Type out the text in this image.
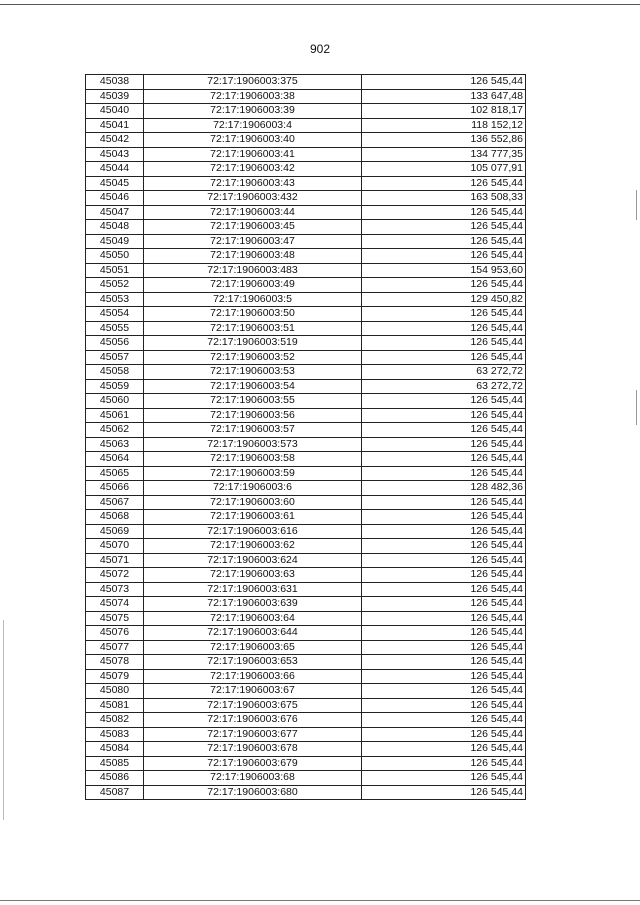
902
45038	72:17:1906003:375	126 545,44
45039	72:17:1906003:38	133 647,48
45040	72:17:1906003:39	102 818,17
45041	72:17:1906003:4	118 152,12
45042	72:17:1906003:40	136 552,86
45043	72:17:1906003:41	134 777,35
45044	72:17:1906003:42	105 077,91
45045	72:17:1906003:43	126 545,44
45046	72:17:1906003:432	163 508,33
45047	72:17:1906003:44	126 545,44
45048	72:17:1906003:45	126 545,44
45049	72:17:1906003:47	126 545,44
45050	72:17:1906003:48	126 545,44
45051	72:17:1906003:483	154 953,60
45052	72:17:1906003:49	126 545,44
45053	72:17:1906003:5	129 450,82
45054	72:17:1906003:50	126 545,44
45055	72:17:1906003:51	126 545,44
45056	72:17:1906003:519	126 545,44
45057	72:17:1906003:52	126 545,44
45058	72:17:1906003:53	63 272,72
45059	72:17:1906003:54	63 272,72
45060	72:17:1906003:55	126 545,44
45061	72:17:1906003:56	126 545,44
45062	72:17:1906003:57	126 545,44
45063	72:17:1906003:573	126 545,44
45064	72:17:1906003:58	126 545,44
45065	72:17:1906003:59	126 545,44
45066	72:17:1906003:6	128 482,36
45067	72:17:1906003:60	126 545,44
45068	72:17:1906003:61	126 545,44
45069	72:17:1906003:616	126 545,44
45070	72:17:1906003:62	126 545,44
45071	72:17:1906003:624	126 545,44
45072	72:17:1906003:63	126 545,44
45073	72:17:1906003:631	126 545,44
45074	72:17:1906003:639	126 545,44
45075	72:17:1906003:64	126 545,44
45076	72:17:1906003:644	126 545,44
45077	72:17:1906003:65	126 545,44
45078	72:17:1906003:653	126 545,44
45079	72:17:1906003:66	126 545,44
45080	72:17:1906003:67	126 545,44
45081	72:17:1906003:675	126 545,44
45082	72:17:1906003:676	126 545,44
45083	72:17:1906003:677	126 545,44
45084	72:17:1906003:678	126 545,44
45085	72:17:1906003:679	126 545,44
45086	72:17:1906003:68	126 545,44
45087	72:17:1906003:680	126 545,44
